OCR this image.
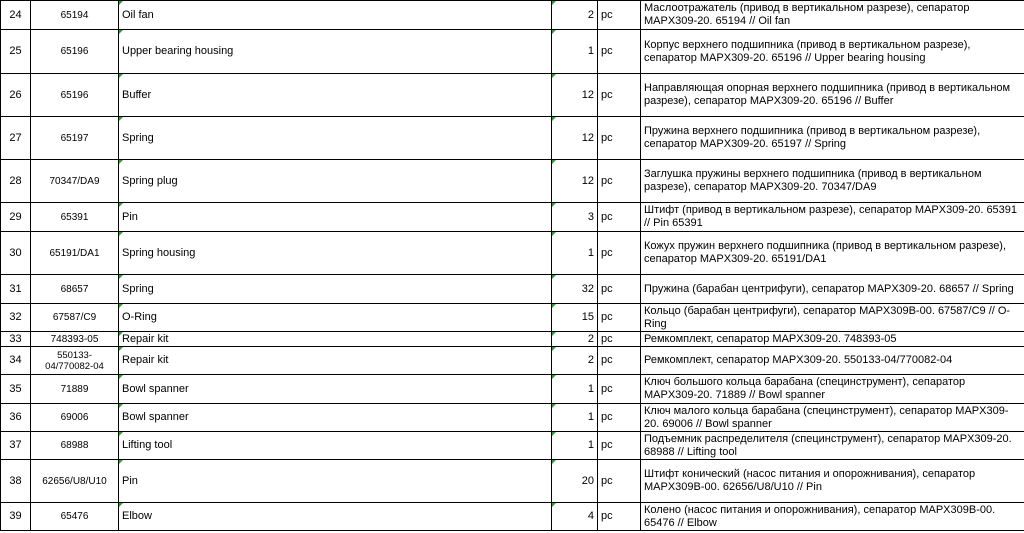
24	65194	Oil fan	2	pc	Маслоотражатель (привод в вертикальном разрезе), сепаратор MAPX309-20. 65194 // Oil fan
25	65196	Upper bearing housing	1	pc	Корпус верхнего подшипника (привод в вертикальном разрезе), сепаратор MAPX309-20. 65196 // Upper bearing housing
26	65196	Buffer	12	pc	Направляющая опорная верхнего подшипника (привод в вертикальном разрезе), сепаратор MAPX309-20. 65196 // Buffer
27	65197	Spring	12	pc	Пружина верхнего подшипника (привод в вертикальном разрезе), сепаратор MAPX309-20. 65197 // Spring
28	70347/DA9	Spring plug	12	pc	Заглушка пружины верхнего подшипника (привод в вертикальном разрезе), сепаратор MAPX309-20. 70347/DA9
29	65391	Pin	3	pc	Штифт (привод в вертикальном разрезе), сепаратор MAPX309-20. 65391 // Pin 65391
30	65191/DA1	Spring housing	1	pc	Кожух пружин верхнего подшипника (привод в вертикальном разрезе), сепаратор MAPX309-20. 65191/DA1
31	68657	Spring	32	pc	Пружина (барабан центрифуги), сепаратор MAPX309-20. 68657 // Spring
32	67587/C9	O-Ring	15	pc	Кольцо (барабан центрифуги), сепаратор MAPX309B-00. 67587/C9 // O-Ring
33	748393-05	Repair kit	2	pc	Ремкомплект, сепаратор MAPX309-20. 748393-05
34	550133-04/770082-04	Repair kit	2	pc	Ремкомплект, сепаратор MAPX309-20. 550133-04/770082-04
35	71889	Bowl spanner	1	pc	Ключ большого кольца барабана (специнструмент), сепаратор MAPX309-20. 71889 // Bowl spanner
36	69006	Bowl spanner	1	pc	Ключ малого кольца барабана (специнструмент), сепаратор MAPX309-20. 69006 // Bowl spanner
37	68988	Lifting tool	1	pc	Подъемник распределителя (специнструмент), сепаратор MAPX309-20. 68988 // Lifting tool
38	62656/U8/U10	Pin	20	pc	Штифт конический (насос питания и опорожнивания), сепаратор MAPX309B-00. 62656/U8/U10 // Pin
39	65476	Elbow	4	pc	Колено (насос питания и опорожнивания), сепаратор MAPX309B-00. 65476 // Elbow
